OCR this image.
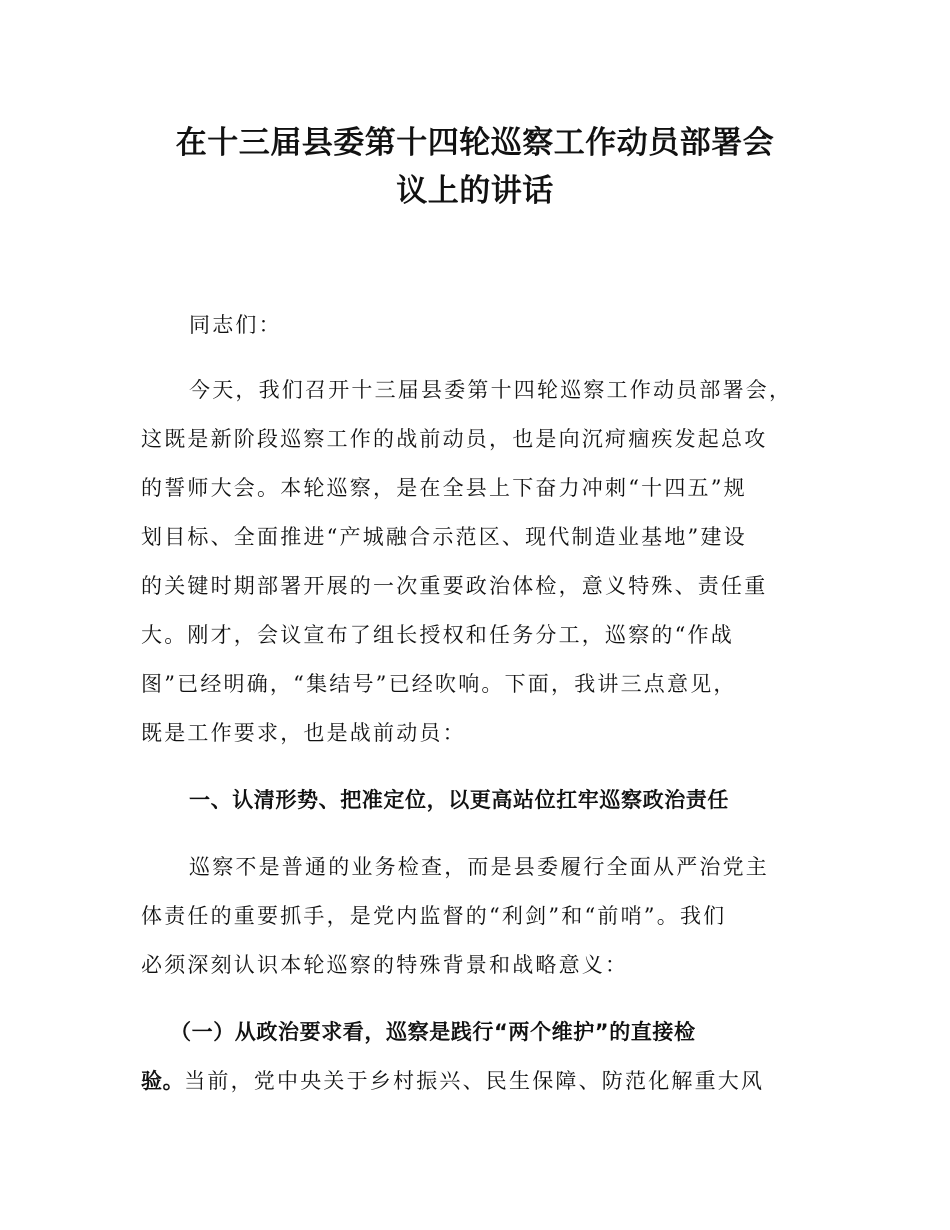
在十三届县委第十四轮巡察工作动员部署会
议上的讲话
同志们：
今天，我们召开十三届县委第十四轮巡察工作动员部署会，
这既是新阶段巡察工作的战前动员，也是向沉疴痼疾发起总攻
的誓师大会。本轮巡察，是在全县上下奋力冲刺“十四五”规
划目标、全面推进“产城融合示范区、现代制造业基地”建设
的关键时期部署开展的一次重要政治体检，意义特殊、责任重
大。刚才，会议宣布了组长授权和任务分工，巡察的“作战
图”已经明确，“集结号”已经吹响。下面，我讲三点意见，
既是工作要求，也是战前动员：
一、认清形势、把准定位，以更高站位扛牢巡察政治责任
巡察不是普通的业务检查，而是县委履行全面从严治党主
体责任的重要抓手，是党内监督的“利剑”和“前哨”。我们
必须深刻认识本轮巡察的特殊背景和战略意义：
（一）从政治要求看，巡察是践行“两个维护”的直接检
验。当前，党中央关于乡村振兴、民生保障、防范化解重大风
